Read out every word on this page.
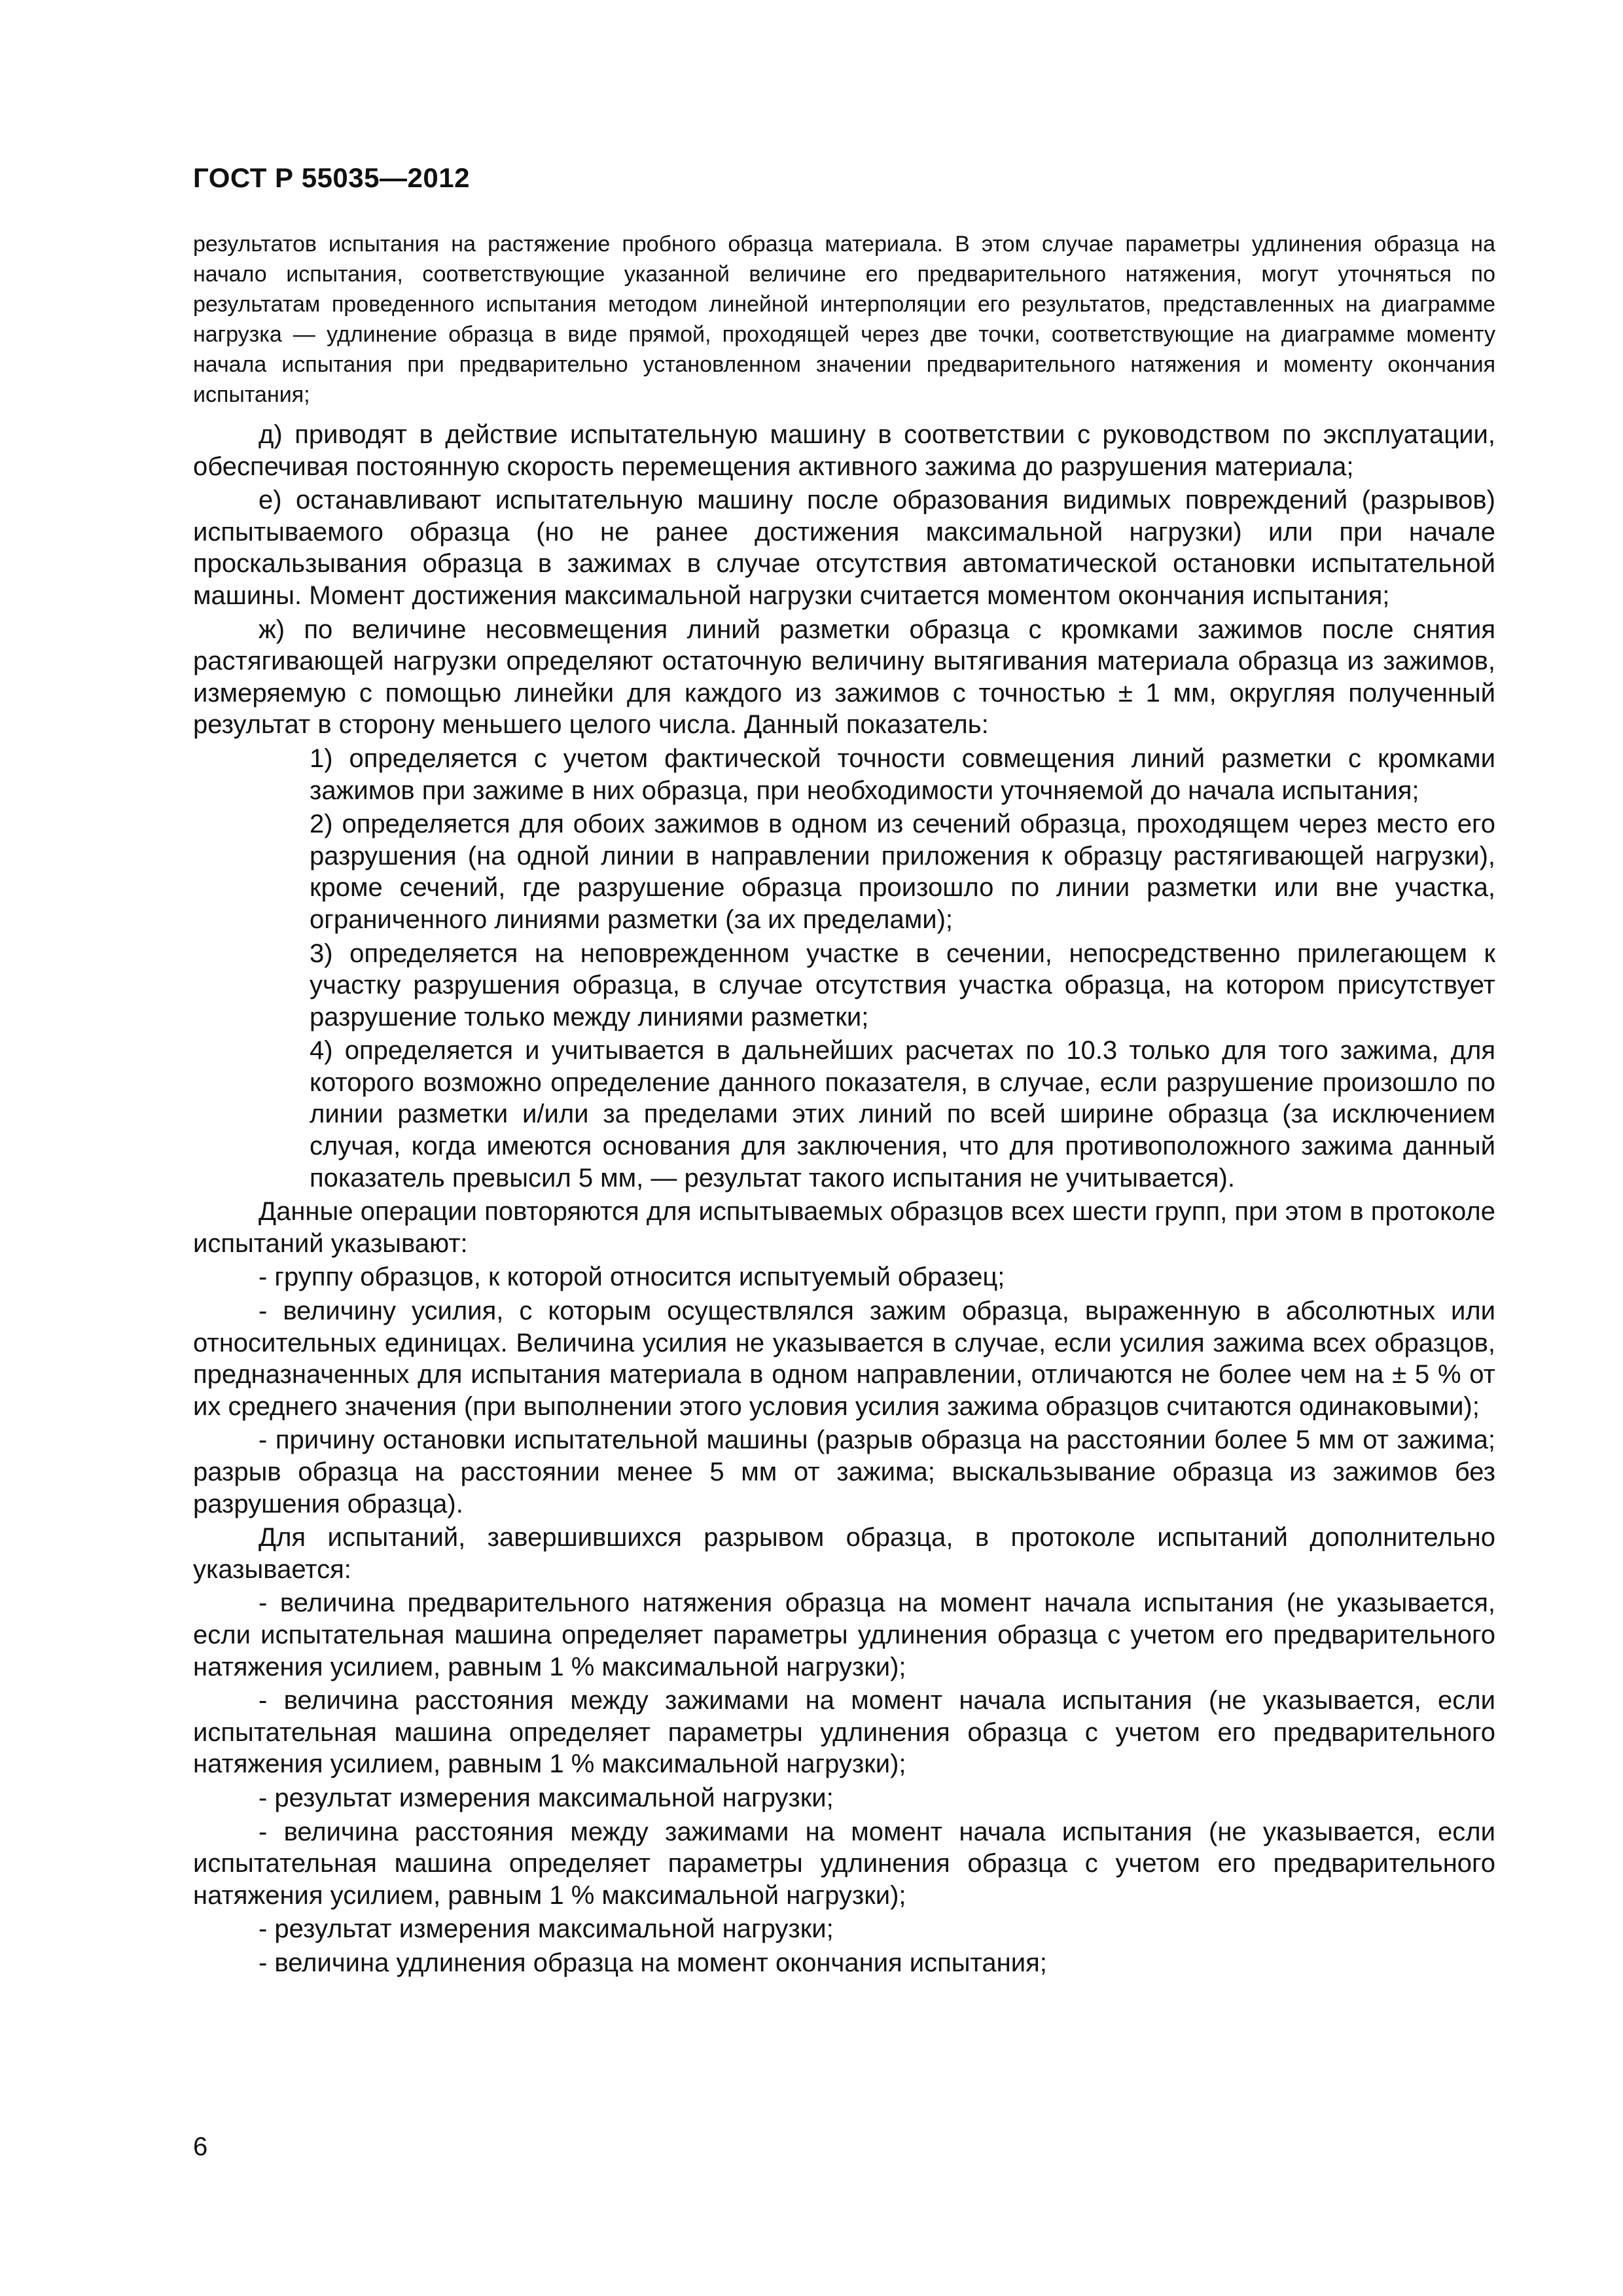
ГОСТ Р 55035—2012
результатов испытания на растяжение пробного образца материала. В этом случае параметры удлинения образца на начало испытания, соответствующие указанной величине его предварительного натяжения, могут уточняться по результатам проведенного испытания методом линейной интерполяции его результатов, представленных на диаграмме нагрузка — удлинение образца в виде прямой, проходящей через две точки, соответствующие на диаграмме моменту начала испытания при предварительно установленном значении предварительного натяжения и моменту окончания испытания;

д) приводят в действие испытательную машину в соответствии с руководством по эксплуатации, обеспечивая постоянную скорость перемещения активного зажима до разрушения материала;

е) останавливают испытательную машину после образования видимых повреждений (разрывов) испытываемого образца (но не ранее достижения максимальной нагрузки) или при начале проскальзывания образца в зажимах в случае отсутствия автоматической остановки испытательной машины. Момент достижения максимальной нагрузки считается моментом окончания испытания;

ж) по величине несовмещения линий разметки образца с кромками зажимов после снятия растягивающей нагрузки определяют остаточную величину вытягивания материала образца из зажимов, измеряемую с помощью линейки для каждого из зажимов с точностью ± 1 мм, округляя полученный результат в сторону меньшего целого числа. Данный показатель:

1) определяется с учетом фактической точности совмещения линий разметки с кромками зажимов при зажиме в них образца, при необходимости уточняемой до начала испытания;

2) определяется для обоих зажимов в одном из сечений образца, проходящем через место его разрушения (на одной линии в направлении приложения к образцу растягивающей нагрузки), кроме сечений, где разрушение образца произошло по линии разметки или вне участка, ограниченного линиями разметки (за их пределами);

3) определяется на неповрежденном участке в сечении, непосредственно прилегающем к участку разрушения образца, в случае отсутствия участка образца, на котором присутствует разрушение только между линиями разметки;

4) определяется и учитывается в дальнейших расчетах по 10.3 только для того зажима, для которого возможно определение данного показателя, в случае, если разрушение произошло по линии разметки и/или за пределами этих линий по всей ширине образца (за исключением случая, когда имеются основания для заключения, что для противоположного зажима данный показатель превысил 5 мм, — результат такого испытания не учитывается).

Данные операции повторяются для испытываемых образцов всех шести групп, при этом в протоколе испытаний указывают:

- группу образцов, к которой относится испытуемый образец;

- величину усилия, с которым осуществлялся зажим образца, выраженную в абсолютных или относительных единицах. Величина усилия не указывается в случае, если усилия зажима всех образцов, предназначенных для испытания материала в одном направлении, отличаются не более чем на ± 5 % от их среднего значения (при выполнении этого условия усилия зажима образцов считаются одинаковыми);

- причину остановки испытательной машины (разрыв образца на расстоянии более 5 мм от зажима; разрыв образца на расстоянии менее 5 мм от зажима; выскальзывание образца из зажимов без разрушения образца).

Для испытаний, завершившихся разрывом образца, в протоколе испытаний дополнительно указывается:

- величина предварительного натяжения образца на момент начала испытания (не указывается, если испытательная машина определяет параметры удлинения образца с учетом его предварительного натяжения усилием, равным 1 % максимальной нагрузки);

- величина расстояния между зажимами на момент начала испытания (не указывается, если испытательная машина определяет параметры удлинения образца с учетом его предварительного натяжения усилием, равным 1 % максимальной нагрузки);

- результат измерения максимальной нагрузки;

- величина расстояния между зажимами на момент начала испытания (не указывается, если испытательная машина определяет параметры удлинения образца с учетом его предварительного натяжения усилием, равным 1 % максимальной нагрузки);

- результат измерения максимальной нагрузки;

- величина удлинения образца на момент окончания испытания;

6
